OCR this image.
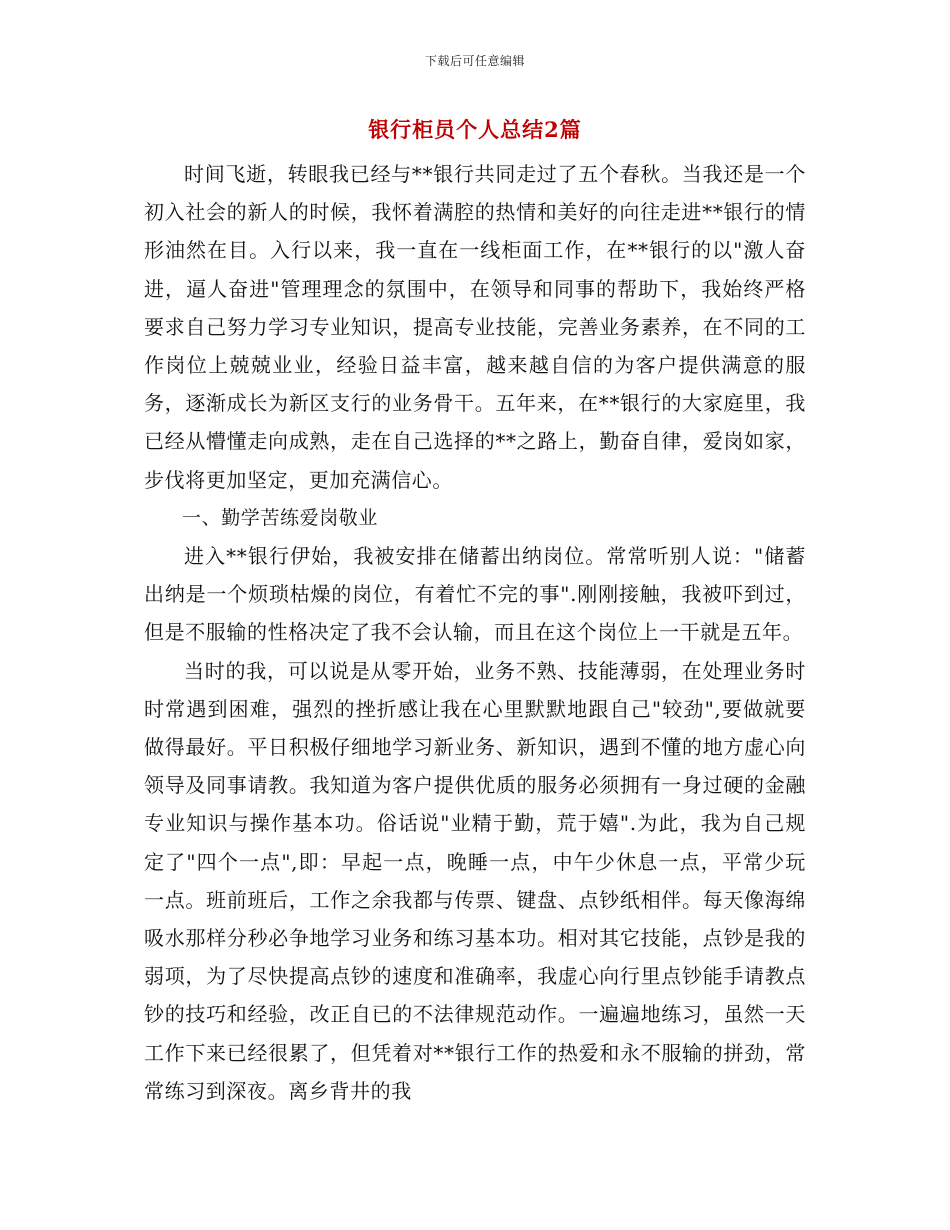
下载后可任意编辑
银行柜员个人总结2篇

时间飞逝，转眼我已经与**银行共同走过了五个春秋。当我还是一个初入社会的新人的时候，我怀着满腔的热情和美好的向往走进**银行的情形油然在目。入行以来，我一直在一线柜面工作，在**银行的以"激人奋进，逼人奋进"管理理念的氛围中，在领导和同事的帮助下，我始终严格要求自己努力学习专业知识，提高专业技能，完善业务素养，在不同的工作岗位上兢兢业业，经验日益丰富，越来越自信的为客户提供满意的服务，逐渐成长为新区支行的业务骨干。五年来，在**银行的大家庭里，我已经从懵懂走向成熟，走在自己选择的**之路上，勤奋自律，爱岗如家，步伐将更加坚定，更加充满信心。

一、勤学苦练爱岗敬业

进入**银行伊始，我被安排在储蓄出纳岗位。常常听别人说："储蓄出纳是一个烦琐枯燥的岗位，有着忙不完的事".刚刚接触，我被吓到过，但是不服输的性格决定了我不会认输，而且在这个岗位上一干就是五年。

当时的我，可以说是从零开始，业务不熟、技能薄弱，在处理业务时时常遇到困难，强烈的挫折感让我在心里默默地跟自己"较劲",要做就要做得最好。平日积极仔细地学习新业务、新知识，遇到不懂的地方虚心向领导及同事请教。我知道为客户提供优质的服务必须拥有一身过硬的金融专业知识与操作基本功。俗话说"业精于勤，荒于嬉".为此，我为自己规定了"四个一点",即：早起一点，晚睡一点，中午少休息一点，平常少玩一点。班前班后，工作之余我都与传票、键盘、点钞纸相伴。每天像海绵吸水那样分秒必争地学习业务和练习基本功。相对其它技能，点钞是我的弱项，为了尽快提高点钞的速度和准确率，我虚心向行里点钞能手请教点钞的技巧和经验，改正自已的不法律规范动作。一遍遍地练习，虽然一天工作下来已经很累了，但凭着对**银行工作的热爱和永不服输的拼劲，常常练习到深夜。离乡背井的我
